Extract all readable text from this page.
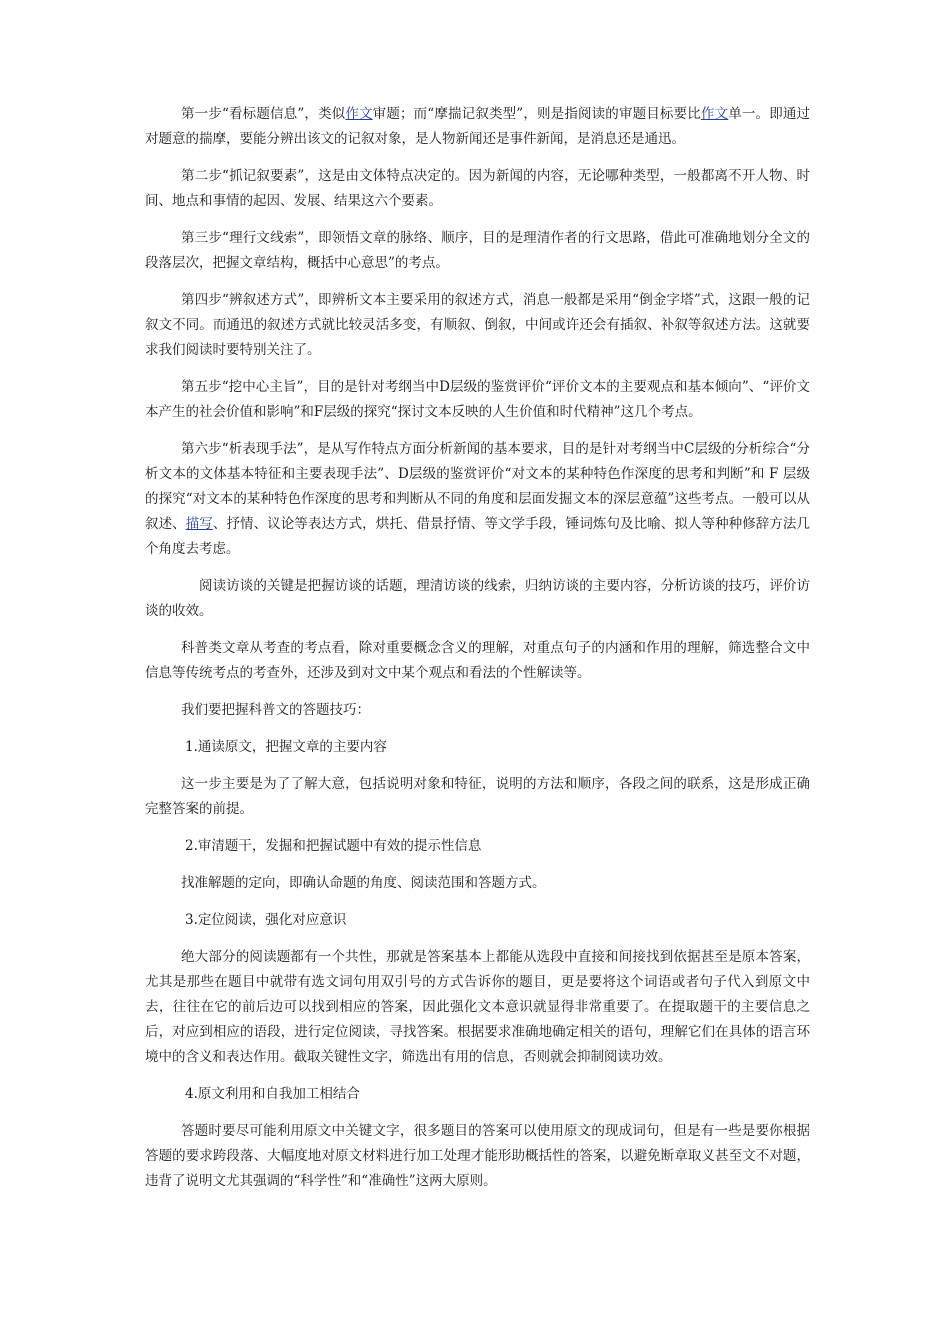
第一步“看标题信息”，类似作文审题；而“摩揣记叙类型”，则是指阅读的审题目标要比作文单一。即通过对题意的揣摩，要能分辨出该文的记叙对象，是人物新闻还是事件新闻，是消息还是通迅。

第二步“抓记叙要素”，这是由文体特点决定的。因为新闻的内容，无论哪种类型，一般都离不开人物、时间、地点和事情的起因、发展、结果这六个要素。

第三步“理行文线索”，即领悟文章的脉络、顺序，目的是理清作者的行文思路，借此可准确地划分全文的段落层次，把握文章结构，概括中心意思”的考点。

第四步“辨叙述方式”，即辨析文本主要采用的叙述方式，消息一般都是采用“倒金字塔”式，这跟一般的记叙文不同。而通迅的叙述方式就比较灵活多变，有顺叙、倒叙，中间或许还会有插叙、补叙等叙述方法。这就要求我们阅读时要特别关注了。

第五步“挖中心主旨”，目的是针对考纲当中D层级的鉴赏评价“评价文本的主要观点和基本倾向”、“评价文本产生的社会价值和影响”和F层级的探究“探讨文本反映的人生价值和时代精神”这几个考点。

第六步“析表现手法”，是从写作特点方面分析新闻的基本要求，目的是针对考纲当中C层级的分析综合“分析文本的文体基本特征和主要表现手法”、D层级的鉴赏评价“对文本的某种特色作深度的思考和判断”和 F 层级的探究“对文本的某种特色作深度的思考和判断从不同的角度和层面发掘文本的深层意蕴”这些考点。一般可以从叙述、描写、抒情、议论等表达方式，烘托、借景抒情、等文学手段，锤词炼句及比喻、拟人等种种修辞方法几个角度去考虑。

阅读访谈的关键是把握访谈的话题，理清访谈的线索，归纳访谈的主要内容，分析访谈的技巧，评价访谈的收效。

科普类文章从考查的考点看，除对重要概念含义的理解，对重点句子的内涵和作用的理解，筛选整合文中信息等传统考点的考查外，还涉及到对文中某个观点和看法的个性解读等。

我们要把握科普文的答题技巧：

1.通读原文，把握文章的主要内容

这一步主要是为了了解大意，包括说明对象和特征，说明的方法和顺序，各段之间的联系，这是形成正确完整答案的前提。

2.审清题干，发掘和把握试题中有效的提示性信息

找准解题的定向，即确认命题的角度、阅读范围和答题方式。

3.定位阅读，强化对应意识

绝大部分的阅读题都有一个共性，那就是答案基本上都能从选段中直接和间接找到依据甚至是原本答案，尤其是那些在题目中就带有选文词句用双引号的方式告诉你的题目，更是要将这个词语或者句子代入到原文中去，往往在它的前后边可以找到相应的答案，因此强化文本意识就显得非常重要了。在提取题干的主要信息之后，对应到相应的语段，进行定位阅读，寻找答案。根据要求准确地确定相关的语句，理解它们在具体的语言环境中的含义和表达作用。截取关键性文字，筛选出有用的信息，否则就会抑制阅读功效。

4.原文利用和自我加工相结合

答题时要尽可能利用原文中关键文字，很多题目的答案可以使用原文的现成词句，但是有一些是要你根据答题的要求跨段落、大幅度地对原文材料进行加工处理才能形助概括性的答案，以避免断章取义甚至文不对题，违背了说明文尤其强调的“科学性”和“准确性”这两大原则。
